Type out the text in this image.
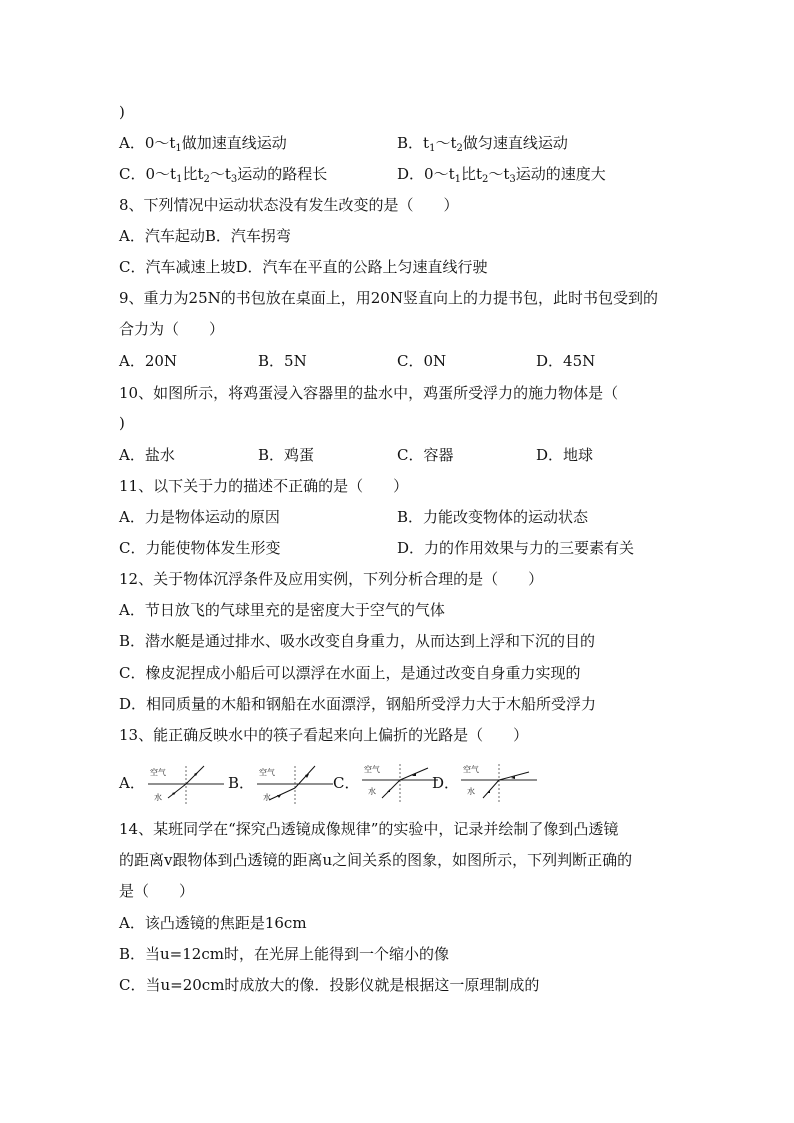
)
A．$0\sim t_1$做加速直线运动	B．$t_1\sim t_2$做匀速直线运动
C．$0\sim t_1$比$t_2\sim t_3$运动的路程长	D．$0\sim t_1$比$t_2\sim t_3$运动的速度大
8、下列情况中运动状态没有发生改变的是（　　）
A．汽车起动B．汽车拐弯
C．汽车减速上坡D．汽车在平直的公路上匀速直线行驶
9、重力为25N的书包放在桌面上，用20N竖直向上的力提书包，此时书包受到的
合力为（　　）
A．20N	B．5N	C．0N	D．45N
10、如图所示，将鸡蛋浸入容器里的盐水中，鸡蛋所受浮力的施力物体是（
)
A．盐水	B．鸡蛋	C．容器	D．地球
11、以下关于力的描述不正确的是（　　）
A．力是物体运动的原因	B．力能改变物体的运动状态
C．力能使物体发生形变	D．力的作用效果与力的三要素有关
12、关于物体沉浮条件及应用实例，下列分析合理的是（　　）
A．节日放飞的气球里充的是密度大于空气的气体
B．潜水艇是通过排水、吸水改变自身重力，从而达到上浮和下沉的目的
C．橡皮泥捏成小船后可以漂浮在水面上，是通过改变自身重力实现的
D．相同质量的木船和钢船在水面漂浮，钢船所受浮力大于木船所受浮力
13、能正确反映水中的筷子看起来向上偏折的光路是（　　）
A．
空气
水
B．
空气
水
C．
空气
水	D．
空气
水
14、某班同学在“探究凸透镜成像规律”的实验中，记录并绘制了像到凸透镜
的距离v跟物体到凸透镜的距离u之间关系的图象，如图所示，下列判断正确的
是（　　）
A．该凸透镜的焦距是16cm
B．当u=12cm时，在光屏上能得到一个缩小的像
C．当u=20cm时成放大的像．投影仪就是根据这一原理制成的
